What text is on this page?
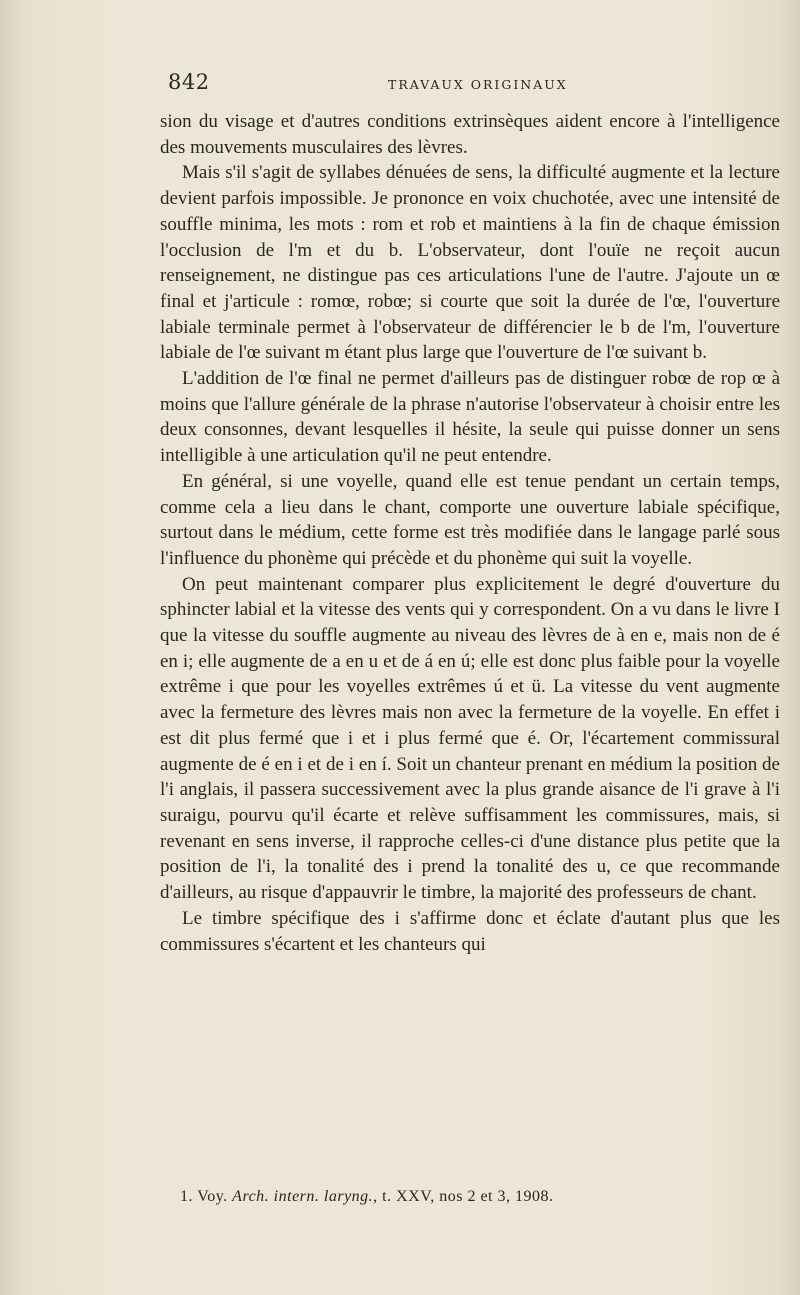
842	TRAVAUX ORIGINAUX

sion du visage et d'autres conditions extrinsèques aident encore à l'intelligence des mouvements musculaires des lèvres.

Mais s'il s'agit de syllabes dénuées de sens, la difficulté augmente et la lecture devient parfois impossible. Je prononce en voix chuchotée, avec une intensité de souffle minima, les mots : rom et rob et maintiens à la fin de chaque émission l'occlusion de l'm et du b. L'observateur, dont l'ouïe ne reçoit aucun renseignement, ne distingue pas ces articulations l'une de l'autre. J'ajoute un œ final et j'articule : romœ, robœ; si courte que soit la durée de l'œ, l'ouverture labiale terminale permet à l'observateur de différencier le b de l'm, l'ouverture labiale de l'œ suivant m étant plus large que l'ouverture de l'œ suivant b.

L'addition de l'œ final ne permet d'ailleurs pas de distinguer robœ de rop œ à moins que l'allure générale de la phrase n'autorise l'observateur à choisir entre les deux consonnes, devant lesquelles il hésite, la seule qui puisse donner un sens intelligible à une articulation qu'il ne peut entendre.

En général, si une voyelle, quand elle est tenue pendant un certain temps, comme cela a lieu dans le chant, comporte une ouverture labiale spécifique, surtout dans le médium, cette forme est très modifiée dans le langage parlé sous l'influence du phonème qui précède et du phonème qui suit la voyelle.

On peut maintenant comparer plus explicitement le degré d'ouverture du sphincter labial et la vitesse des vents qui y correspondent. On a vu dans le livre I que la vitesse du souffle augmente au niveau des lèvres de à en e, mais non de é en i; elle augmente de a en u et de á en ú; elle est donc plus faible pour la voyelle extrême i que pour les voyelles extrêmes ú et ü. La vitesse du vent augmente avec la fermeture des lèvres mais non avec la fermeture de la voyelle. En effet i est dit plus fermé que i et i plus fermé que é. Or, l'écartement commissural augmente de é en i et de i en í. Soit un chanteur prenant en médium la position de l'i anglais, il passera successivement avec la plus grande aisance de l'i grave à l'i suraigu, pourvu qu'il écarte et relève suffisamment les commissures, mais, si revenant en sens inverse, il rapproche celles-ci d'une distance plus petite que la position de l'i, la tonalité des i prend la tonalité des u, ce que recommande d'ailleurs, au risque d'appauvrir le timbre, la majorité des professeurs de chant.

Le timbre spécifique des i s'affirme donc et éclate d'autant plus que les commissures s'écartent et les chanteurs qui

1. Voy. Arch. intern. laryng., t. XXV, nos 2 et 3, 1908.
